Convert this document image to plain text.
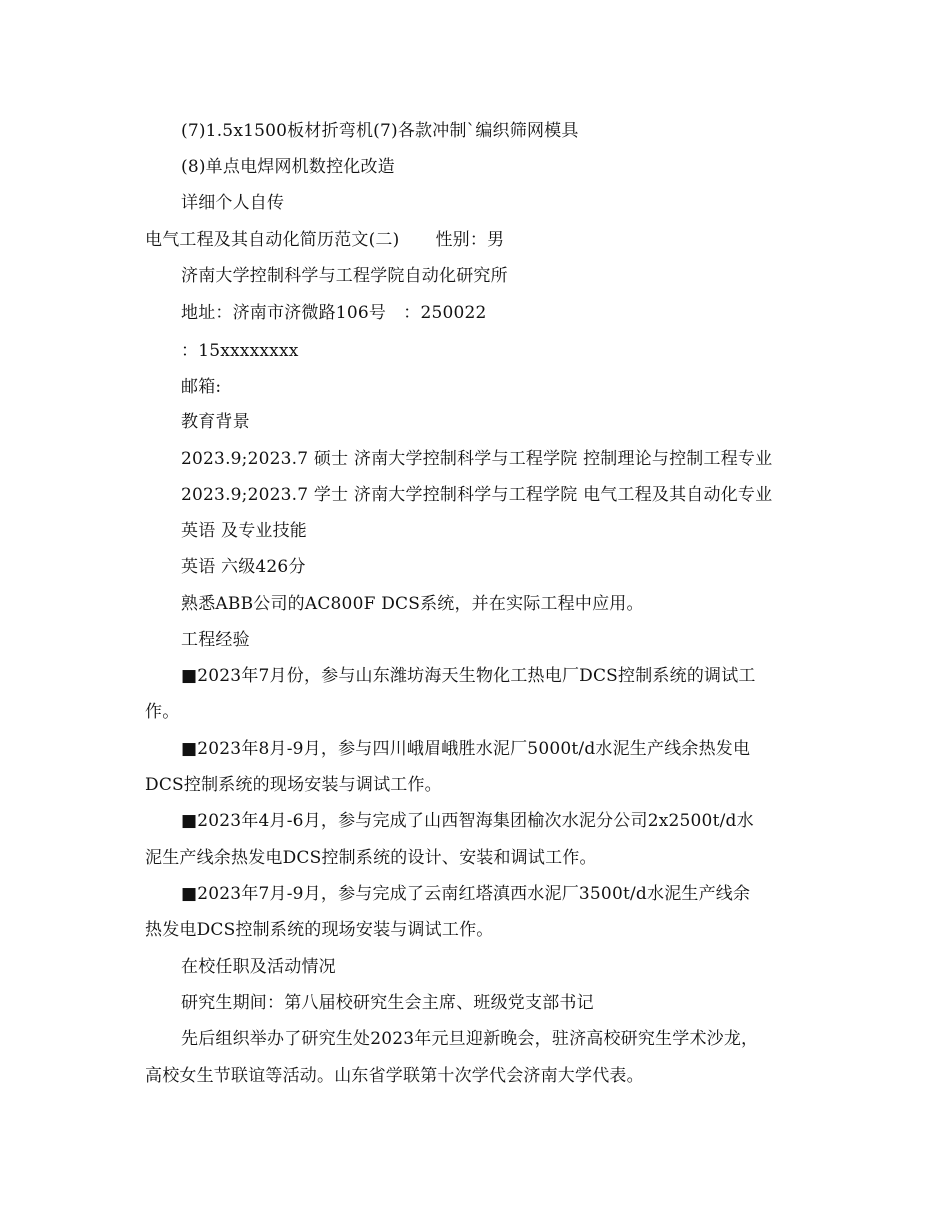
(7)1.5x1500板材折弯机(7)各款冲制`编织筛网模具
(8)单点电焊网机数控化改造
详细个人自传
电气工程及其自动化简历范文(二) 性别：男
济南大学控制科学与工程学院自动化研究所
地址：济南市济微路106号　：250022
：15xxxxxxxx
邮箱:
教育背景
2023.9;2023.7 硕士 济南大学控制科学与工程学院 控制理论与控制工程专业
2023.9;2023.7 学士 济南大学控制科学与工程学院 电气工程及其自动化专业
英语 及专业技能
英语 六级426分
熟悉ABB公司的AC800F DCS系统，并在实际工程中应用。
工程经验
■2023年7月份，参与山东潍坊海天生物化工热电厂DCS控制系统的调试工
作。
■2023年8月-9月，参与四川峨眉峨胜水泥厂5000t/d水泥生产线余热发电
DCS控制系统的现场安装与调试工作。
■2023年4月-6月，参与完成了山西智海集团榆次水泥分公司2x2500t/d水
泥生产线余热发电DCS控制系统的设计、安装和调试工作。
■2023年7月-9月，参与完成了云南红塔滇西水泥厂3500t/d水泥生产线余
热发电DCS控制系统的现场安装与调试工作。
在校任职及活动情况
研究生期间：第八届校研究生会主席、班级党支部书记
先后组织举办了研究生处2023年元旦迎新晚会，驻济高校研究生学术沙龙，
高校女生节联谊等活动。山东省学联第十次学代会济南大学代表。
